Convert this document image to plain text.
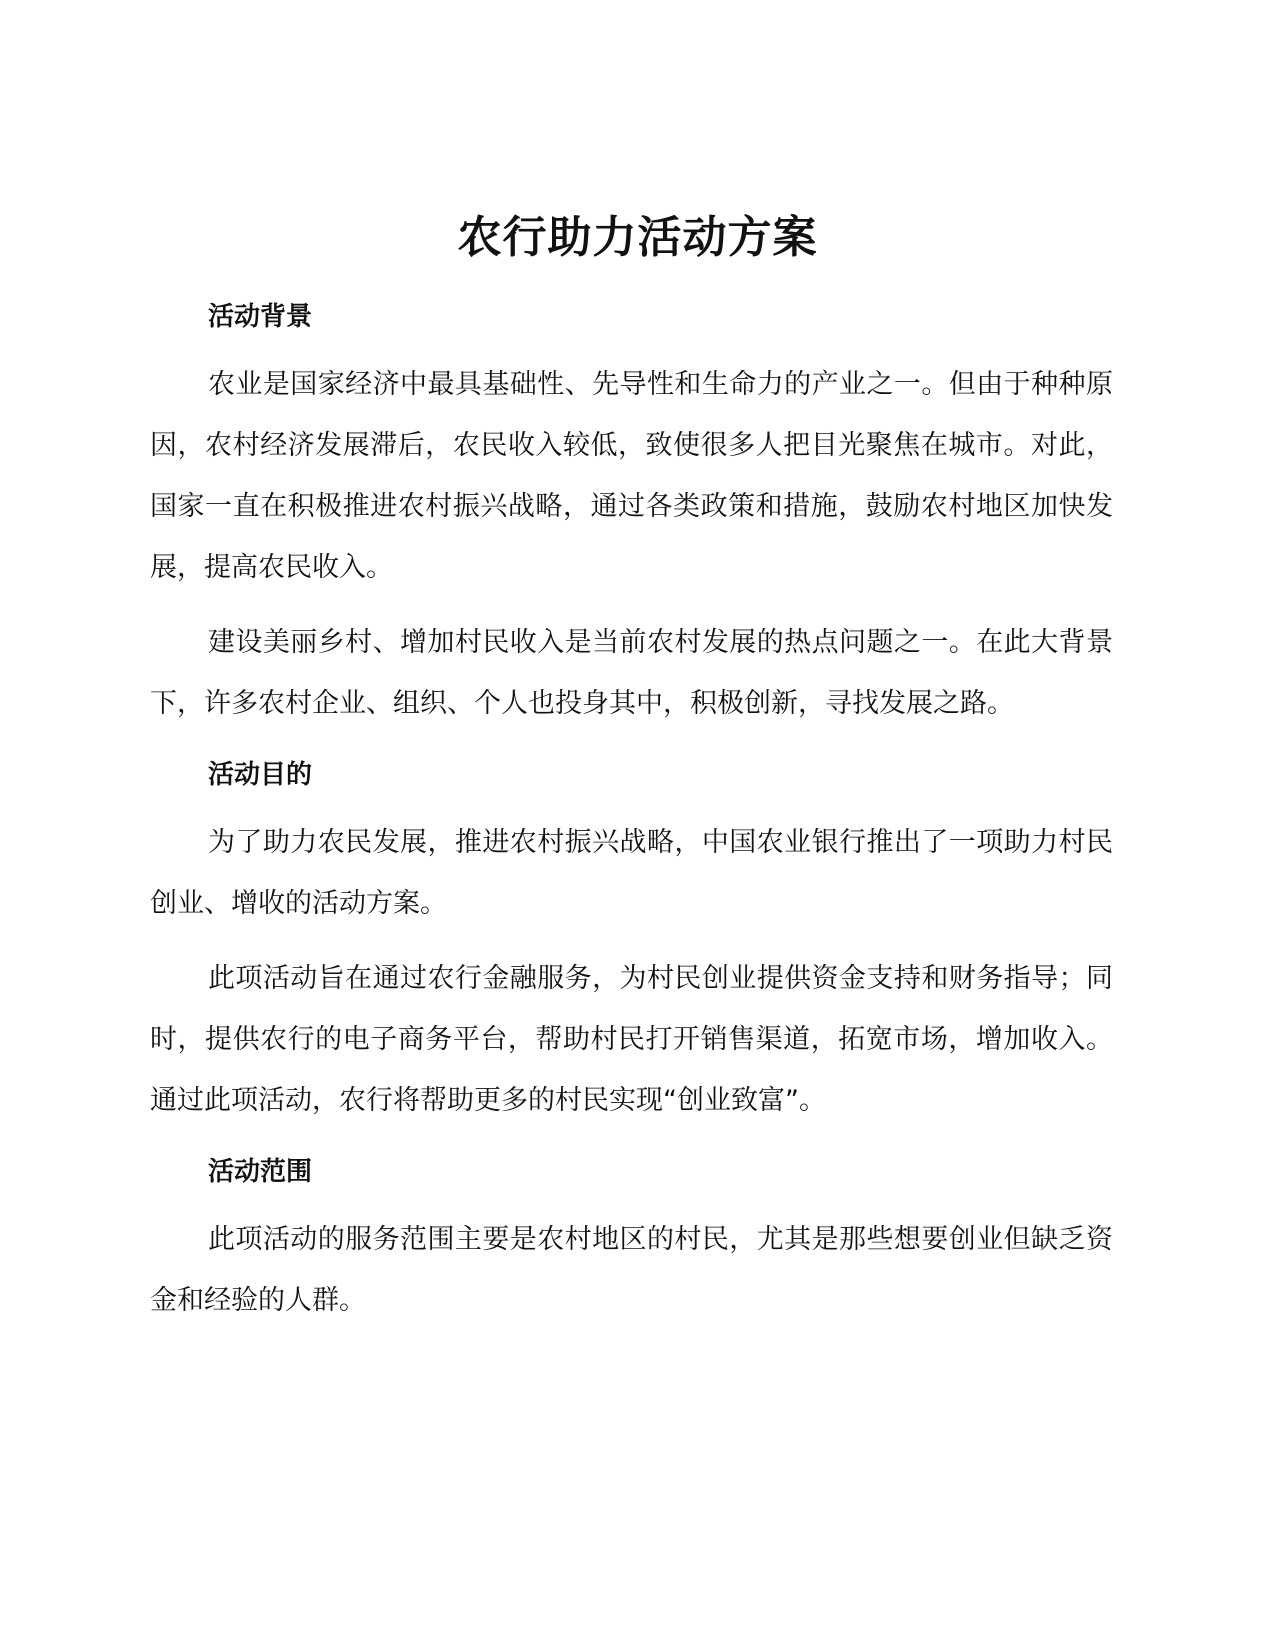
农行助力活动方案
活动背景

农业是国家经济中最具基础性、先导性和生命力的产业之一。但由于种种原因，农村经济发展滞后，农民收入较低，致使很多人把目光聚焦在城市。对此，国家一直在积极推进农村振兴战略，通过各类政策和措施，鼓励农村地区加快发展，提高农民收入。

建设美丽乡村、增加村民收入是当前农村发展的热点问题之一。在此大背景下，许多农村企业、组织、个人也投身其中，积极创新，寻找发展之路。

活动目的

为了助力农民发展，推进农村振兴战略，中国农业银行推出了一项助力村民创业、增收的活动方案。

此项活动旨在通过农行金融服务，为村民创业提供资金支持和财务指导；同时，提供农行的电子商务平台，帮助村民打开销售渠道，拓宽市场，增加收入。通过此项活动，农行将帮助更多的村民实现“创业致富”。

活动范围

此项活动的服务范围主要是农村地区的村民，尤其是那些想要创业但缺乏资金和经验的人群。
